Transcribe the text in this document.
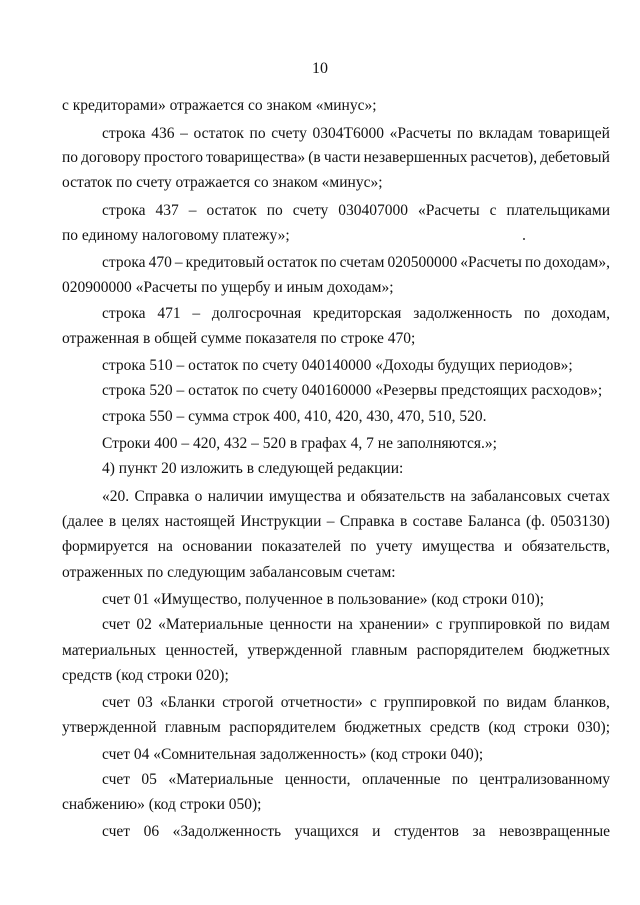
10
с кредиторами» отражается со знаком «минус»;
строка 436 – остаток по счету 0304Т6000 «Расчеты по вкладам товарищей
по договору простого товарищества» (в части незавершенных расчетов), дебетовый
остаток по счету отражается со знаком «минус»;
строка 437 – остаток по счету 030407000 «Расчеты с плательщиками
по единому налоговому платежу»;
строка 470 – кредитовый остаток по счетам 020500000 «Расчеты по доходам»,
020900000 «Расчеты по ущербу и иным доходам»;
строка 471 – долгосрочная кредиторская задолженность по доходам,
отраженная в общей сумме показателя по строке 470;
строка 510 – остаток по счету 040140000 «Доходы будущих периодов»;
строка 520 – остаток по счету 040160000 «Резервы предстоящих расходов»;
строка 550 – сумма строк 400, 410, 420, 430, 470, 510, 520.
Строки 400 – 420, 432 – 520 в графах 4, 7 не заполняются.»;
4) пункт 20 изложить в следующей редакции:
«20. Справка о наличии имущества и обязательств на забалансовых счетах
(далее в целях настоящей Инструкции – Справка в составе Баланса (ф. 0503130)
формируется на основании показателей по учету имущества и обязательств,
отраженных по следующим забалансовым счетам:
счет 01 «Имущество, полученное в пользование» (код строки 010);
счет 02 «Материальные ценности на хранении» с группировкой по видам
материальных ценностей, утвержденной главным распорядителем бюджетных
средств (код строки 020);
счет 03 «Бланки строгой отчетности» с группировкой по видам бланков,
утвержденной главным распорядителем бюджетных средств (код строки 030);
счет 04 «Сомнительная задолженность» (код строки 040);
счет 05 «Материальные ценности, оплаченные по централизованному
снабжению» (код строки 050);
счет 06 «Задолженность учащихся и студентов за невозвращенные
